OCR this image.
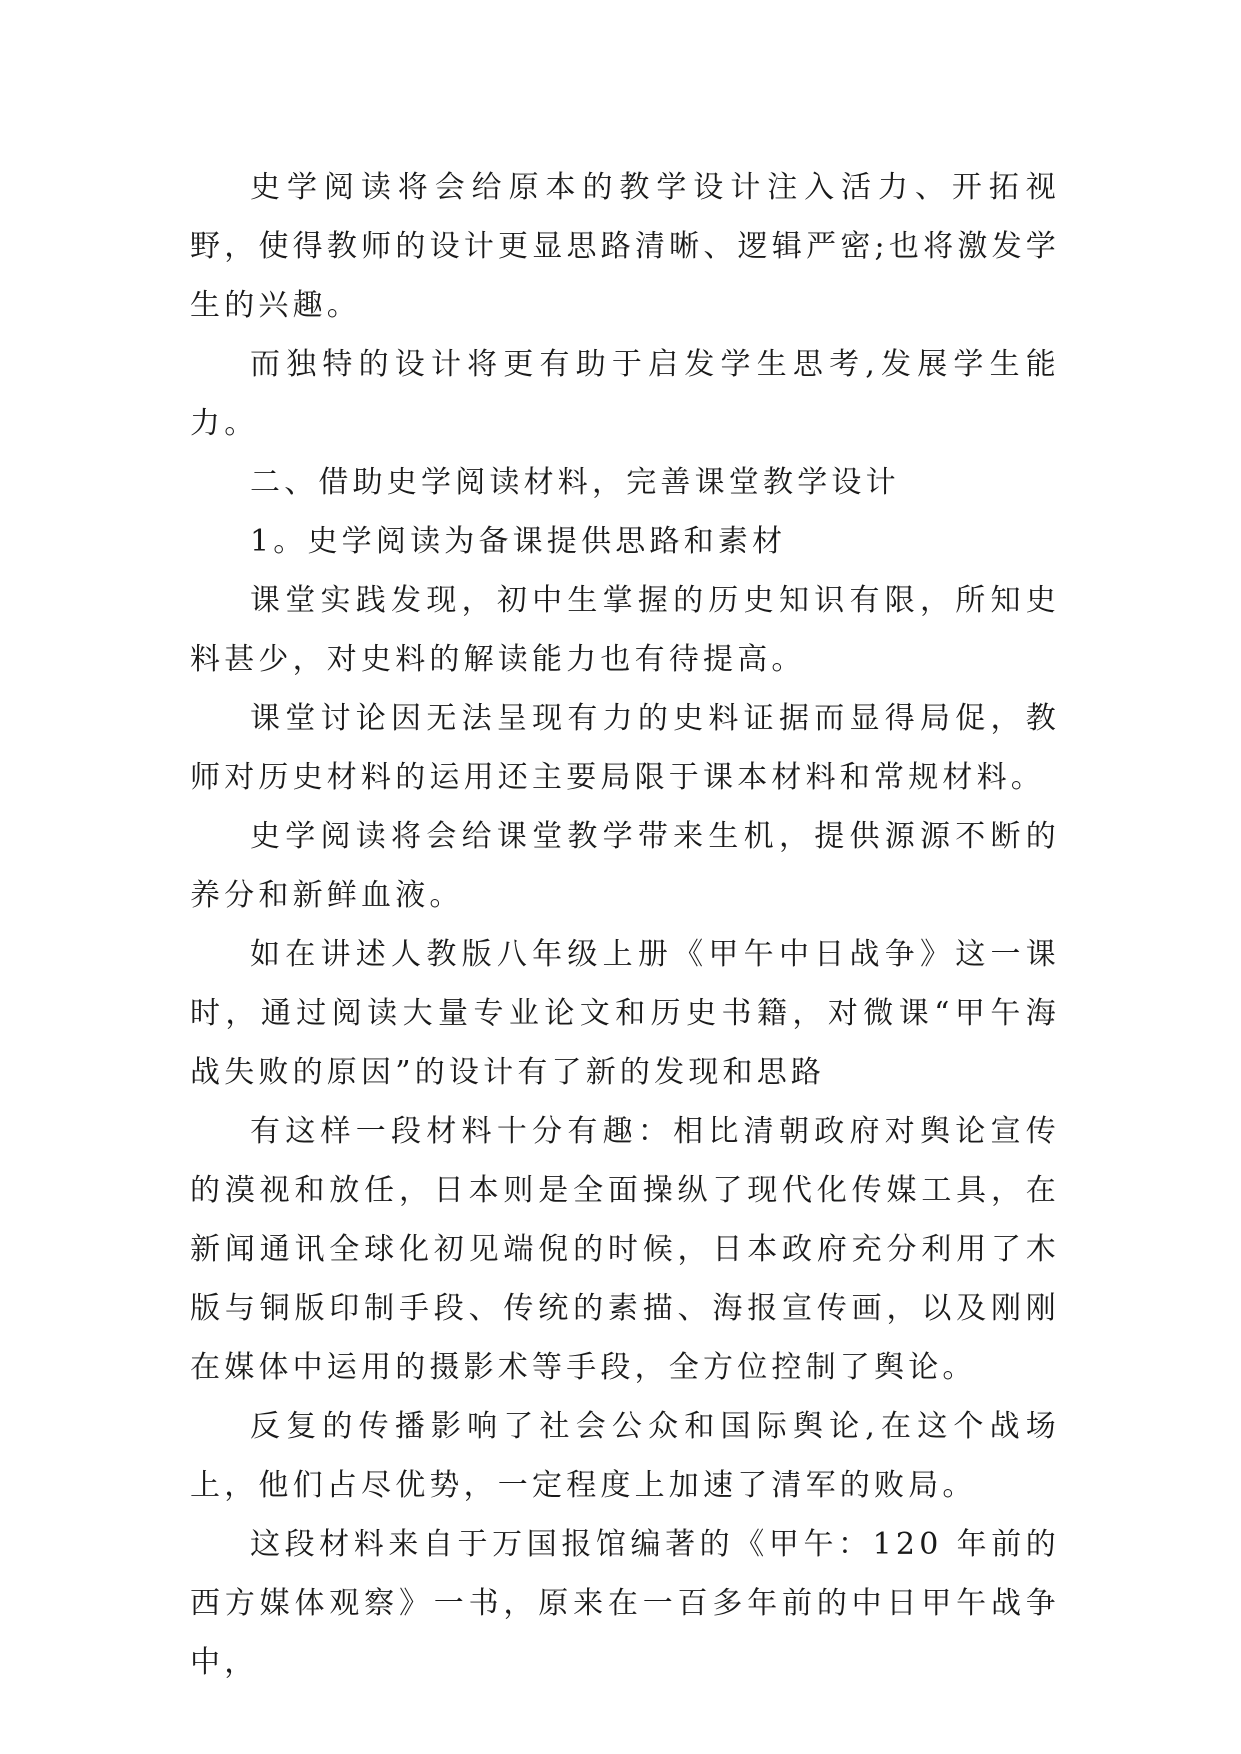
史学阅读将会给原本的教学设计注入活力、开拓视野，使得教师的设计更显思路清晰、逻辑严密;也将激发学生的兴趣。

而独特的设计将更有助于启发学生思考,发展学生能力。

二、借助史学阅读材料，完善课堂教学设计

1。史学阅读为备课提供思路和素材

课堂实践发现，初中生掌握的历史知识有限，所知史料甚少，对史料的解读能力也有待提高。

课堂讨论因无法呈现有力的史料证据而显得局促，教师对历史材料的运用还主要局限于课本材料和常规材料。

史学阅读将会给课堂教学带来生机，提供源源不断的养分和新鲜血液。

如在讲述人教版八年级上册《甲午中日战争》这一课时，通过阅读大量专业论文和历史书籍，对微课“甲午海战失败的原因”的设计有了新的发现和思路

有这样一段材料十分有趣：相比清朝政府对舆论宣传的漠视和放任，日本则是全面操纵了现代化传媒工具，在新闻通讯全球化初见端倪的时候，日本政府充分利用了木版与铜版印制手段、传统的素描、海报宣传画，以及刚刚在媒体中运用的摄影术等手段，全方位控制了舆论。

反复的传播影响了社会公众和国际舆论,在这个战场上，他们占尽优势，一定程度上加速了清军的败局。

这段材料来自于万国报馆编著的《甲午：120 年前的西方媒体观察》一书，原来在一百多年前的中日甲午战争中，
